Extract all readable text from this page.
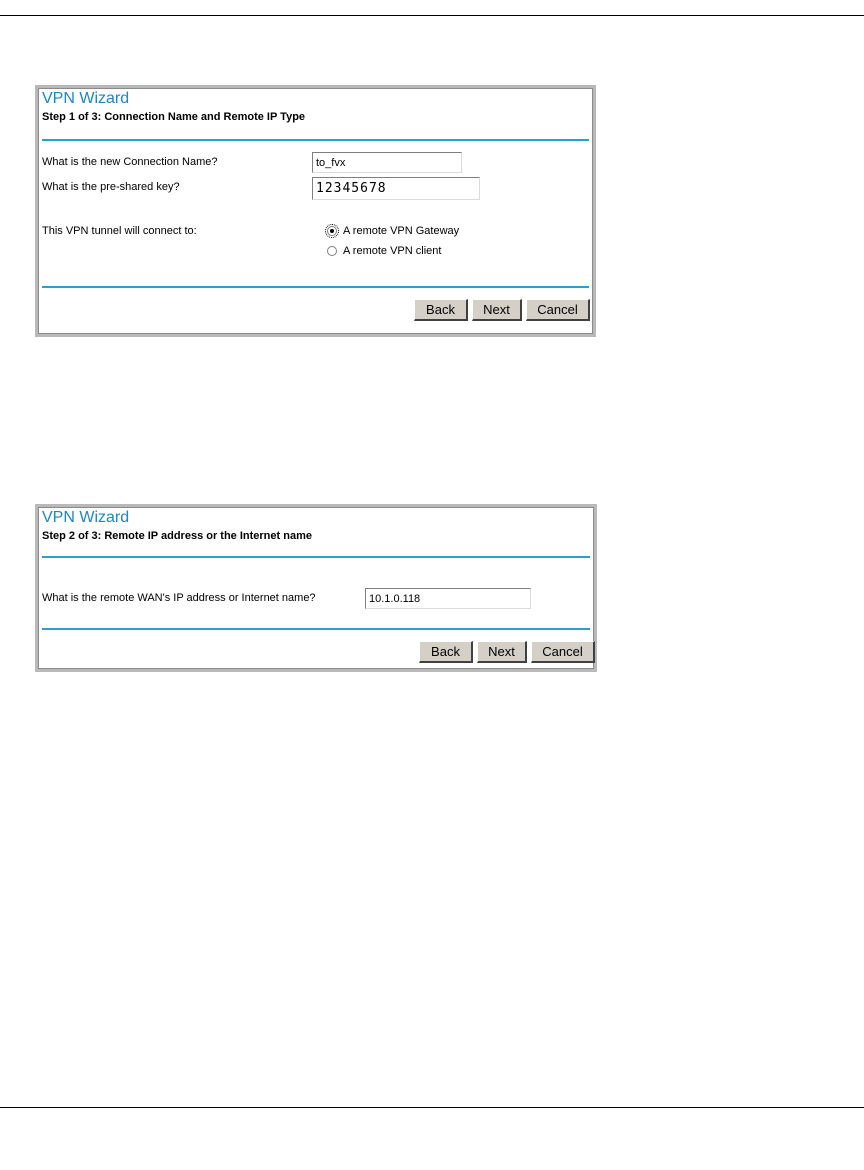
VPN Wizard
Step 1 of 3: Connection Name and Remote IP Type
What is the new Connection Name?
to_fvx
What is the pre-shared key?
12345678
This VPN tunnel will connect to:	A remote VPN Gateway
A remote VPN client
Back	Next	Cancel
VPN Wizard
Step 2 of 3: Remote IP address or the Internet name
What is the remote WAN's IP address or Internet name?
10.1.0.118
Back	Next	Cancel
